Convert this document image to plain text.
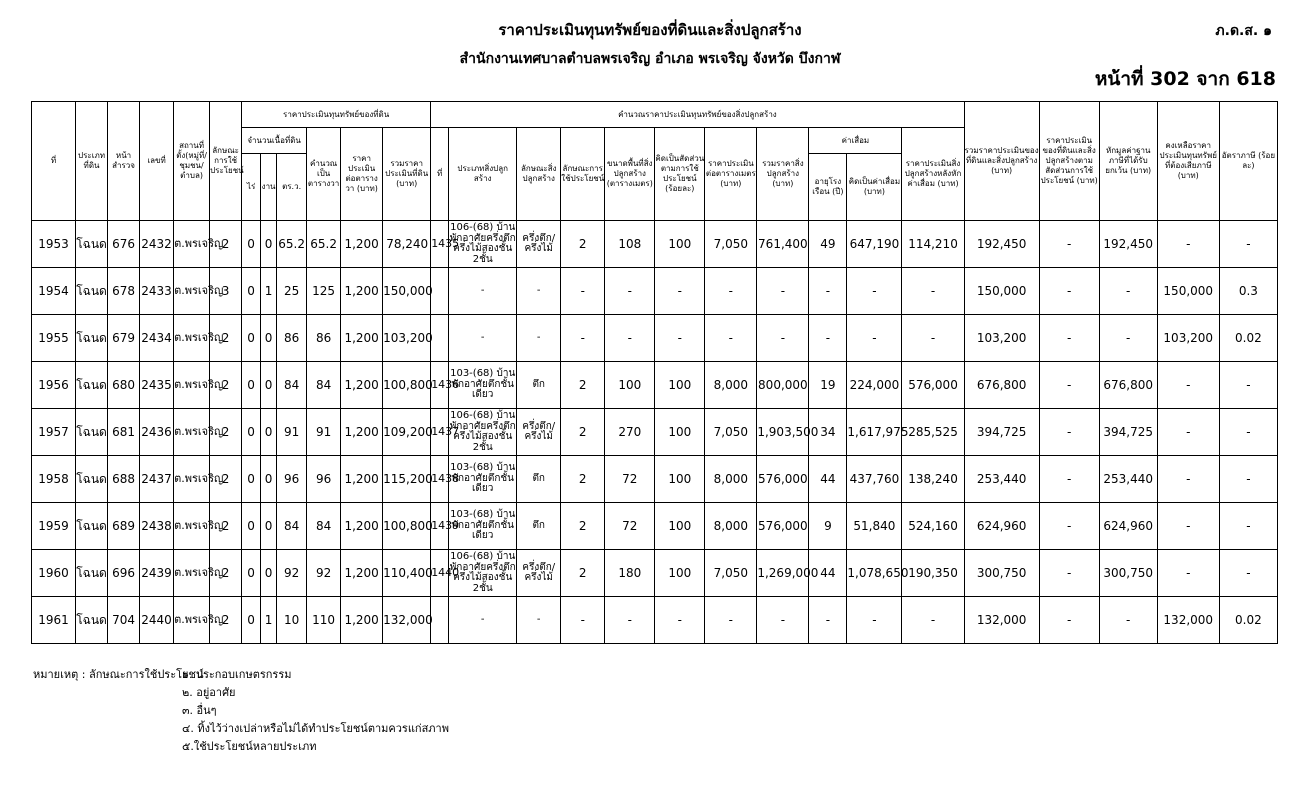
ราคาประเมินทุนทรัพย์ของที่ดินและสิ่งปลูกสร้าง
สำนักงานเทศบาลตำบลพรเจริญ อำเภอ พรเจริญ จังหวัด บึงกาฬ
ภ.ด.ส. ๑
หน้าที่ 302 จาก 618
ที่	ประเภทที่ดิน	หน้าสำรวจ	เลขที่	สถานที่ตั้ง(หมู่ที่/ชุมชน/ตำบล)	ลักษณะการใช้ประโยชน์	ราคาประเมินทุนทรัพย์ของที่ดิน						คำนวณราคาประเมินทุนทรัพย์ของสิ่งปลูกสร้าง											รวมราคาประเมินของที่ดินและสิ่งปลูกสร้าง (บาท)	ราคาประเมินของที่ดินและสิ่งปลูกสร้างตามสัดส่วนการใช้ประโยชน์ (บาท)	หักมูลค่าฐานภาษีที่ได้รับยกเว้น (บาท)	คงเหลือราคาประเมินทุนทรัพย์ที่ต้องเสียภาษี (บาท)	อัตราภาษี (ร้อยละ)
						จำนวนเนื้อที่ดิน			คำนวณเป็นตารางวา	ราคาประเมินต่อตารางวา (บาท)	รวมราคาประเมินที่ดิน (บาท)	ที่	ประเภทสิ่งปลูกสร้าง	ลักษณะสิ่งปลูกสร้าง	ลักษณะการใช้ประโยชน์	ขนาดพื้นที่สิ่งปลูกสร้าง (ตารางเมตร)	คิดเป็นสัดส่วนตามการใช้ประโยชน์ (ร้อยละ)	ราคาประเมินต่อตารางเมตร (บาท)	รวมราคาสิ่งปลูกสร้าง (บาท)	ค่าเสื่อม		ราคาประเมินสิ่งปลูกสร้างหลังหักค่าเสื่อม (บาท)					
						ไร่	งาน	ตร.ว.												อายุโรงเรือน (ปี)	คิดเป็นค่าเสื่อม (บาท)						
1953	โฉนด	676	2432	ต.พรเจริญ	2	0	0	65.2	65.2	1,200	78,240	1435	106-(68) บ้านพักอาศัยครึ่งตึกครึ่งไม้สองชั้น 2ชั้น	ครึ่งตึก/ครึ่งไม้	2	108	100	7,050	761,400	49	647,190	114,210	192,450	-	192,450	-	-
1954	โฉนด	678	2433	ต.พรเจริญ	3	0	1	25	125	1,200	150,000		-	-	-	-	-	-	-	-	-	-	150,000	-	-	150,000	0.3
1955	โฉนด	679	2434	ต.พรเจริญ	2	0	0	86	86	1,200	103,200		-	-	-	-	-	-	-	-	-	-	103,200	-	-	103,200	0.02
1956	โฉนด	680	2435	ต.พรเจริญ	2	0	0	84	84	1,200	100,800	1436	103-(68) บ้านพักอาศัยตึกชั้นเดียว	ตึก	2	100	100	8,000	800,000	19	224,000	576,000	676,800	-	676,800	-	-
1957	โฉนด	681	2436	ต.พรเจริญ	2	0	0	91	91	1,200	109,200	1437	106-(68) บ้านพักอาศัยครึ่งตึกครึ่งไม้สองชั้น 2ชั้น	ครึ่งตึก/ครึ่งไม้	2	270	100	7,050	1,903,500	34	1,617,975	285,525	394,725	-	394,725	-	-
1958	โฉนด	688	2437	ต.พรเจริญ	2	0	0	96	96	1,200	115,200	1438	103-(68) บ้านพักอาศัยตึกชั้นเดียว	ตึก	2	72	100	8,000	576,000	44	437,760	138,240	253,440	-	253,440	-	-
1959	โฉนด	689	2438	ต.พรเจริญ	2	0	0	84	84	1,200	100,800	1439	103-(68) บ้านพักอาศัยตึกชั้นเดียว	ตึก	2	72	100	8,000	576,000	9	51,840	524,160	624,960	-	624,960	-	-
1960	โฉนด	696	2439	ต.พรเจริญ	2	0	0	92	92	1,200	110,400	1440	106-(68) บ้านพักอาศัยครึ่งตึกครึ่งไม้สองชั้น 2ชั้น	ครึ่งตึก/ครึ่งไม้	2	180	100	7,050	1,269,000	44	1,078,650	190,350	300,750	-	300,750	-	-
1961	โฉนด	704	2440	ต.พรเจริญ	2	0	1	10	110	1,200	132,000		-	-	-	-	-	-	-	-	-	-	132,000	-	-	132,000	0.02
หมายเหตุ : ลักษณะการใช้ประโยชน์๑. ประกอบเกษตรกรรม
๒. อยู่อาศัย
๓. อื่นๆ
๔. ทิ้งไว้ว่างเปล่าหรือไม่ได้ทำประโยชน์ตามควรแก่สภาพ
๕.ใช้ประโยชน์หลายประเภท
